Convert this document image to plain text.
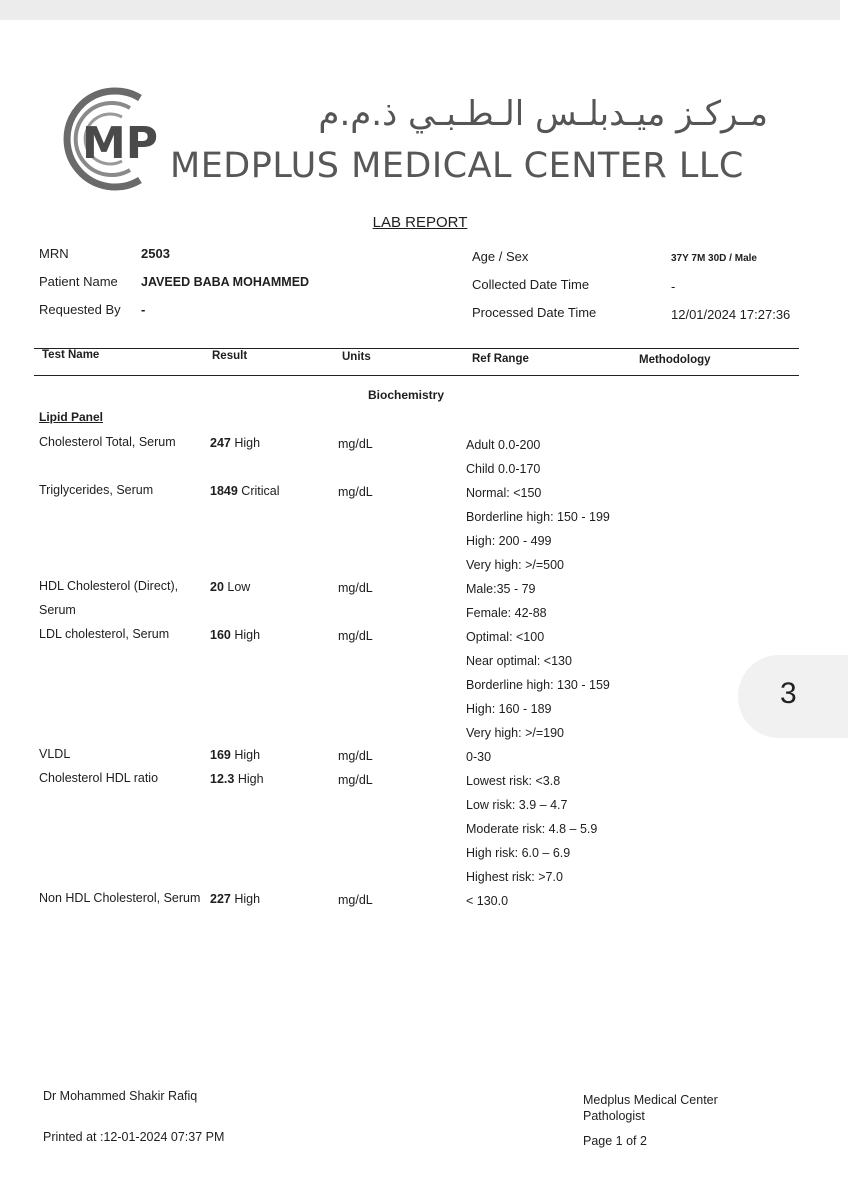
MP
مـركـز ميـدبلـس الـطـبـي ذ.م.م
MEDPLUS MEDICAL CENTER LLC
LAB REPORT
MRN	2503
Patient Name JAVEED BABA MOHAMMED
Requested By -
Age / Sex	37Y 7M 30D / Male
Collected Date Time	-
Processed Date Time	12/01/2024 17:27:36
Test Name	Result	Units	Ref Range	Methodology
Biochemistry
Lipid Panel
Cholesterol Total, Serum	247 High	mg/dL	Adult 0.0-200
Child 0.0-170
Triglycerides, Serum	1849 Critical	mg/dL	Normal: <150
Borderline high: 150 - 199
High: 200 - 499
Very high: >/=500
HDL Cholesterol (Direct),
Serum
20 Low	mg/dL	Male:35 - 79
Female: 42-88
LDL cholesterol, Serum	160 High	mg/dL	Optimal: <100
Near optimal: <130
Borderline high: 130 - 159
High: 160 - 189
Very high: >/=190
VLDL	169 High	mg/dL	0-30
Cholesterol HDL ratio	12.3 High	mg/dL	Lowest risk: <3.8
Low risk: 3.9 – 4.7
Moderate risk: 4.8 – 5.9
High risk: 6.0 – 6.9
Highest risk: >7.0
Non HDL Cholesterol, Serum 227 High	mg/dL	< 130.0
3
Dr Mohammed Shakir Rafiq
Printed at :12-01-2024 07:37 PM
Medplus Medical Center
Pathologist
Page 1 of 2
